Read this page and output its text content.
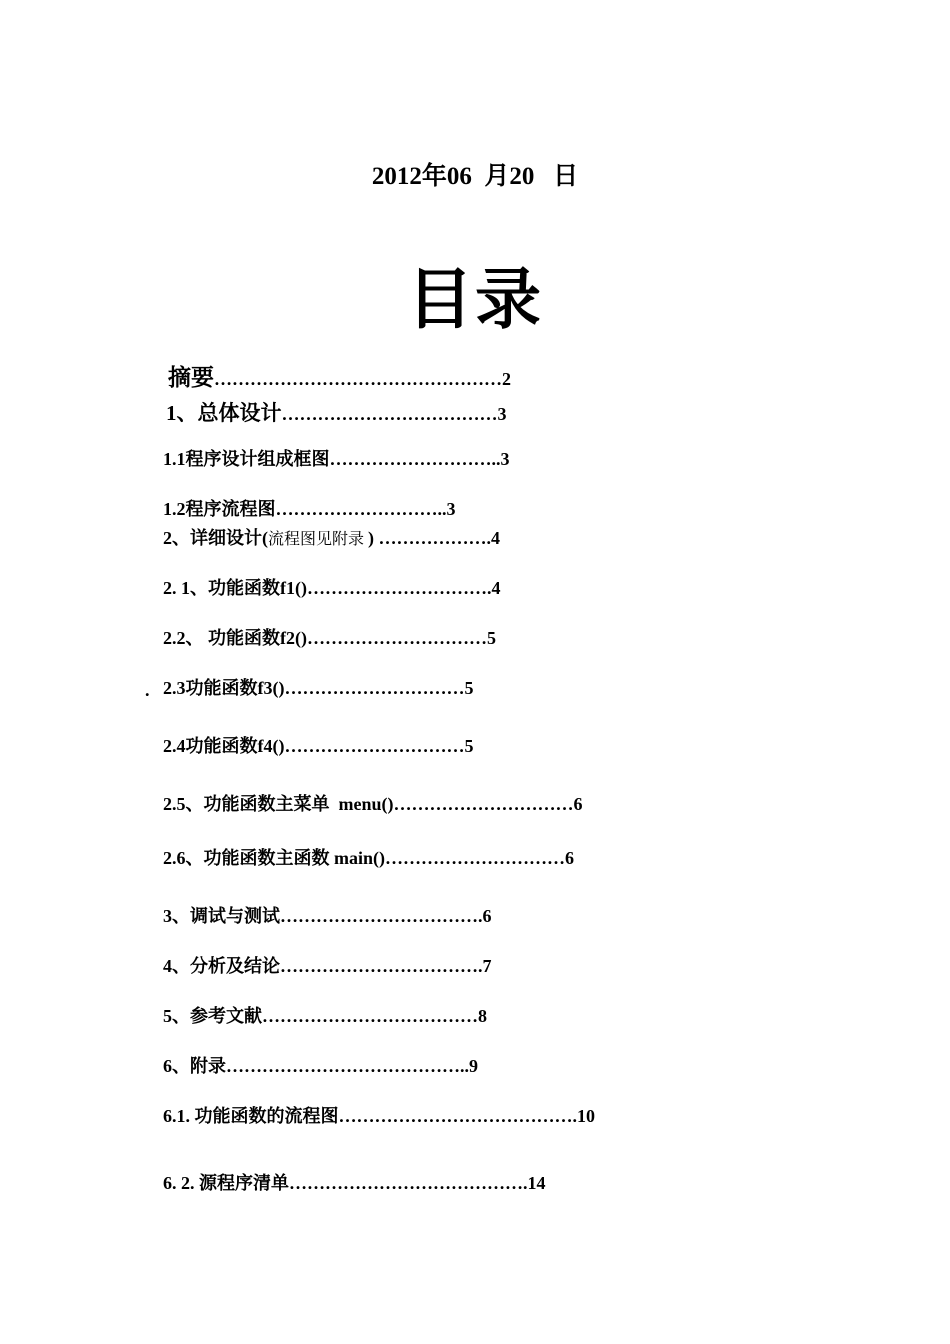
2012年06  月20   日
目录

摘要…………………………………………2

1、总体设计………………………………3

1.1程序设计组成框图………………………..3

1.2程序流程图………………………..3

2、详细设计(流程图见附录 ) ……………….4

2. 1、功能函数f1()………………………….4

2.2、 功能函数f2()…………………………5

2.3功能函数f3()…………………………5

.

2.4功能函数f4()…………………………5

2.5、功能函数主菜单  menu()…………………………6

2.6、功能函数主函数 main()…………………………6

3、调试与测试…………………………….6

4、分析及结论…………………………….7

5、参考文献………………………………8

6、附录…………………………………..9

6.1. 功能函数的流程图………………………………….10

6. 2. 源程序清单………………………………….14
